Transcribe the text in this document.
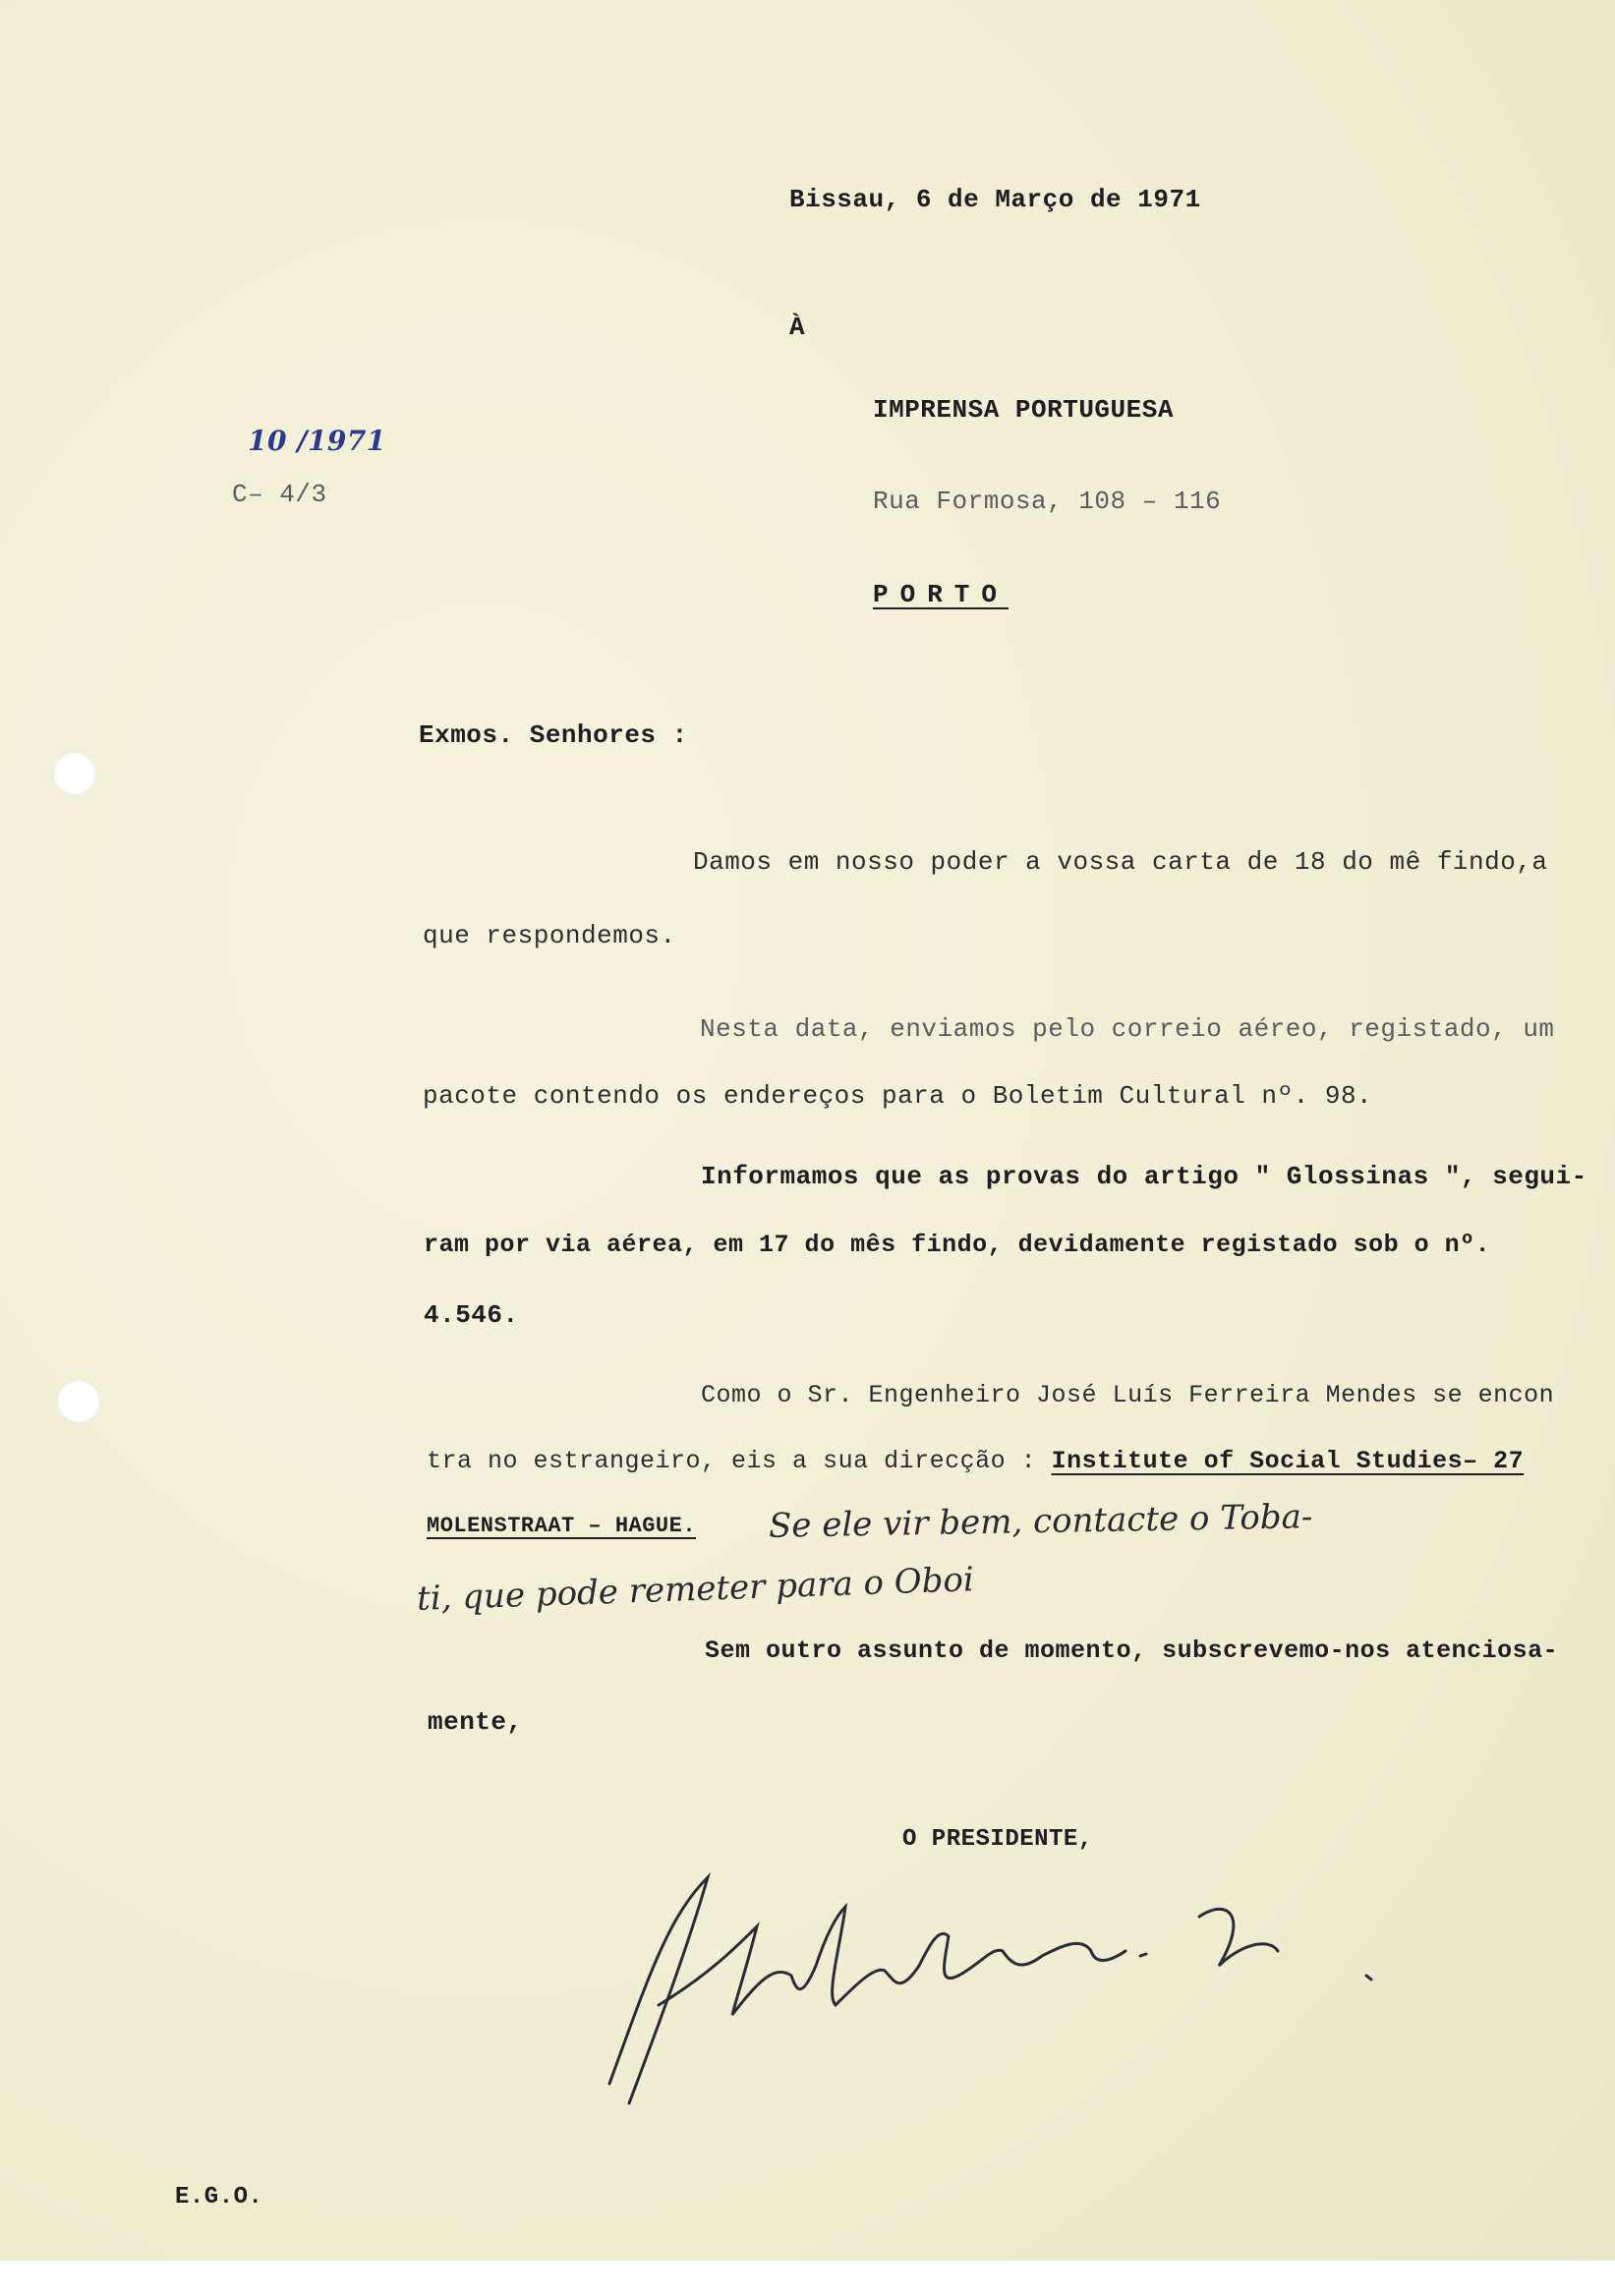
Bissau, 6 de Março de 1971
À
IMPRENSA PORTUGUESA
Rua Formosa, 108 – 116
PORTO
10 /1971
C– 4/3
Exmos. Senhores :
Damos em nosso poder a vossa carta de 18 do mê findo,a
que respondemos.
Nesta data, enviamos pelo correio aéreo, registado, um
pacote contendo os endereços para o Boletim Cultural nº. 98.
Informamos que as provas do artigo " Glossinas ", segui-
ram por via aérea, em 17 do mês findo, devidamente registado sob o nº.
4.546.
Como o Sr. Engenheiro José Luís Ferreira Mendes se encon
tra no estrangeiro, eis a sua direcção : Institute of Social Studies– 27
MOLENSTRAAT – HAGUE. Se ele vir bem, contacte o Toba-
ti, que pode remeter para o Oboi
Sem outro assunto de momento, subscrevemo-nos atenciosa-
mente,
O PRESIDENTE,
E.G.O.
